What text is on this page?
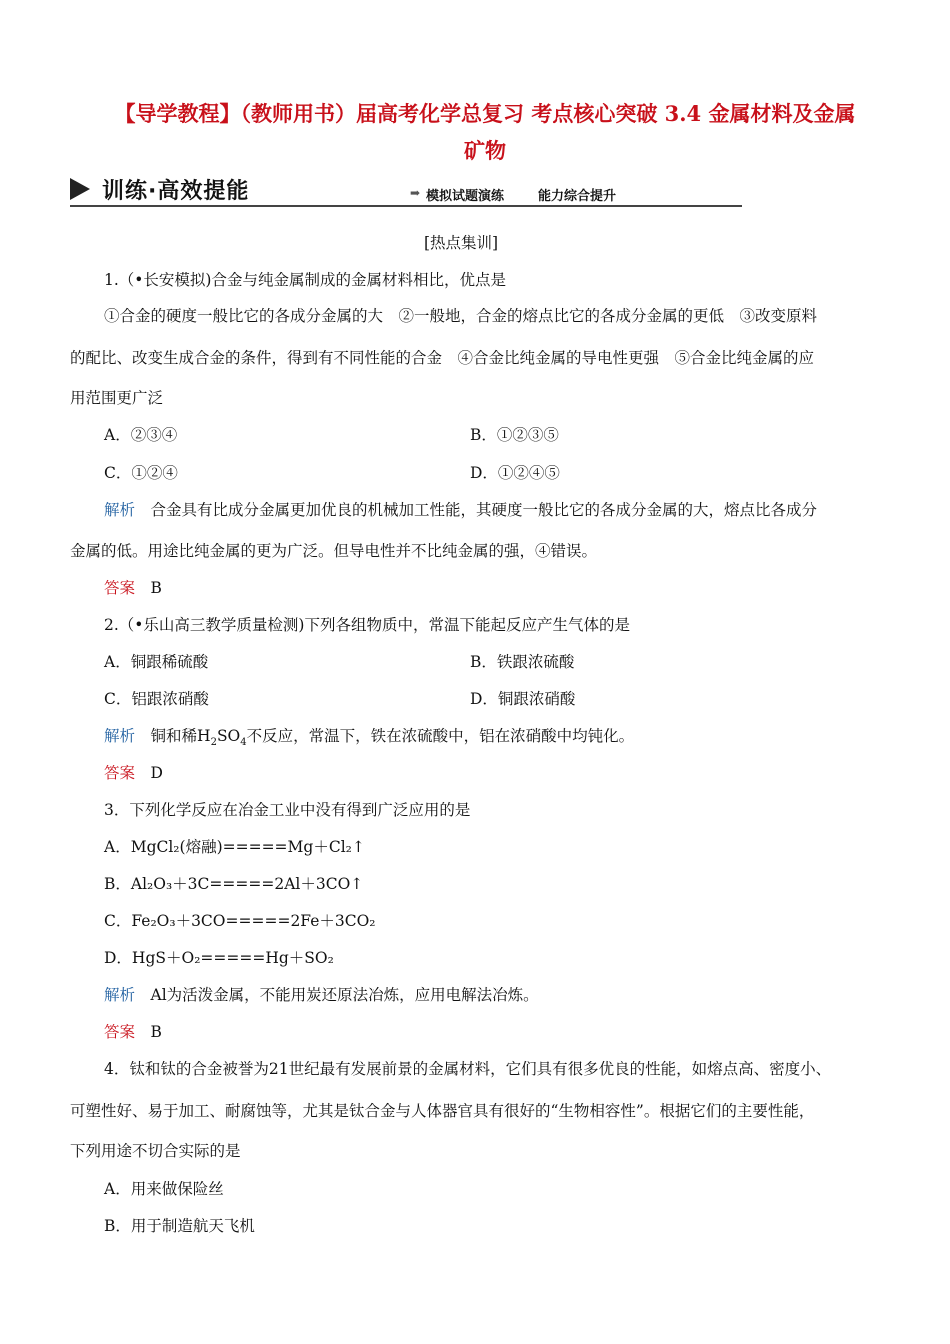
【导学教程】（教师用书）届高考化学总复习 考点核心突破 3.4 金属材料及金属
矿物
训练·高效提能	➡ 模拟试题演练	能力综合提升
[热点集训]
1.（•长安模拟)合金与纯金属制成的金属材料相比，优点是
①合金的硬度一般比它的各成分金属的大　②一般地，合金的熔点比它的各成分金属的更低　③改变原料
的配比、改变生成合金的条件，得到有不同性能的合金　④合金比纯金属的导电性更强　⑤合金比纯金属的应
用范围更广泛
A．②③④	B．①②③⑤
C．①②④	D．①②④⑤
解析　 合金具有比成分金属更加优良的机械加工性能，其硬度一般比它的各成分金属的大，熔点比各成分
金属的低。用途比纯金属的更为广泛。但导电性并不比纯金属的强，④错误。
答案　 B
2.（•乐山高三教学质量检测)下列各组物质中，常温下能起反应产生气体的是
A．铜跟稀硫酸	B．铁跟浓硫酸
C．铝跟浓硝酸	D．铜跟浓硝酸
解析　 铜和稀$H_2SO_4$不反应，常温下，铁在浓硫酸中，铝在浓硝酸中均钝化。
答案　 D
3．下列化学反应在冶金工业中没有得到广泛应用的是
A．MgCl₂(熔融)=====Mg＋Cl₂↑
B．Al₂O₃＋3C=====2Al＋3CO↑
C．Fe₂O₃＋3CO=====2Fe＋3CO₂
D．HgS＋O₂=====Hg＋SO₂
解析　 Al为活泼金属，不能用炭还原法冶炼，应用电解法冶炼。
答案　 B
4．钛和钛的合金被誉为21世纪最有发展前景的金属材料，它们具有很多优良的性能，如熔点高、密度小、
可塑性好、易于加工、耐腐蚀等，尤其是钛合金与人体器官具有很好的“生物相容性”。根据它们的主要性能，
下列用途不切合实际的是
A．用来做保险丝
B．用于制造航天飞机
